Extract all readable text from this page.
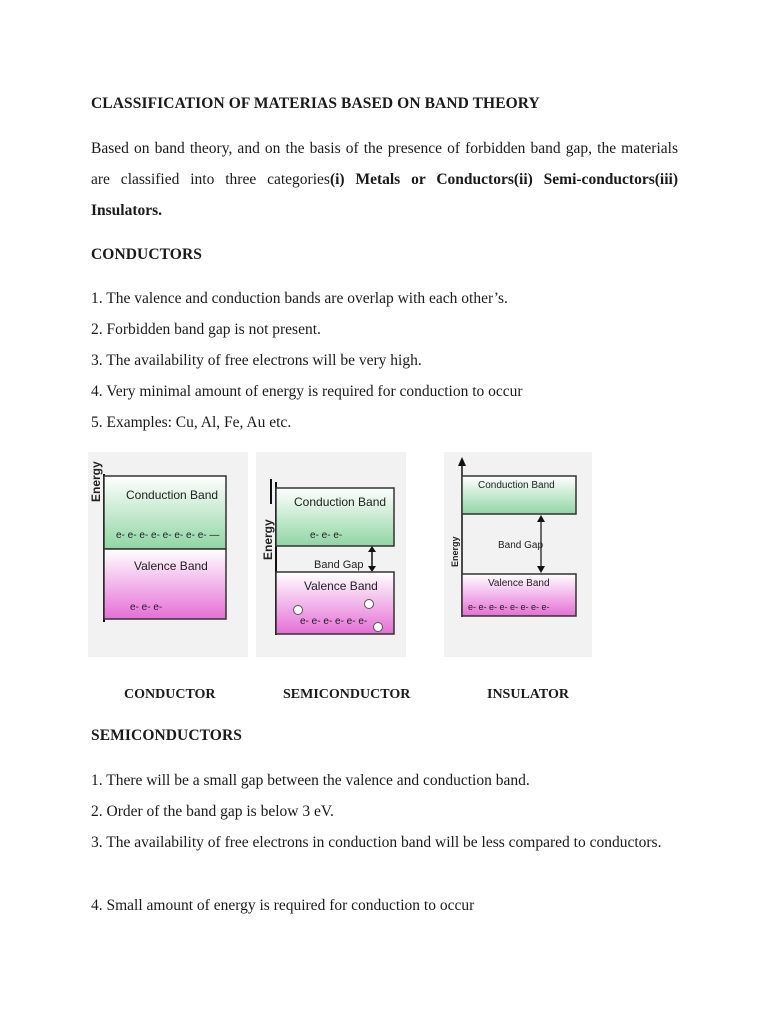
CLASSIFICATION OF MATERIAS BASED ON BAND THEORY
Based on band theory, and on the basis of the presence of forbidden band gap, the materials are classified into three categories(i) Metals or Conductors(ii) Semi-conductors(iii) Insulators.
CONDUCTORS
1. The valence and conduction bands are overlap with each other’s.
2. Forbidden band gap is not present.
3. The availability of free electrons will be very high.
4. Very minimal amount of energy is required for conduction to occur
5. Examples: Cu, Al, Fe, Au etc.
Energy Conduction Band
e- e- e- e- e- e- e- e- —
Valence Band
e- e- e-
Energy
Conduction Band
e- e- e-
Band Gap
Valence Band
e- e- e- e- e- e-
Energy
Conduction Band
Band Gap
Valence Band
e- e- e- e- e- e- e- e-
CONDUCTOR	SEMICONDUCTOR	INSULATOR
SEMICONDUCTORS
1. There will be a small gap between the valence and conduction band.
2. Order of the band gap is below 3 eV.
3. The availability of free electrons in conduction band will be less compared to conductors.
4. Small amount of energy is required for conduction to occur
